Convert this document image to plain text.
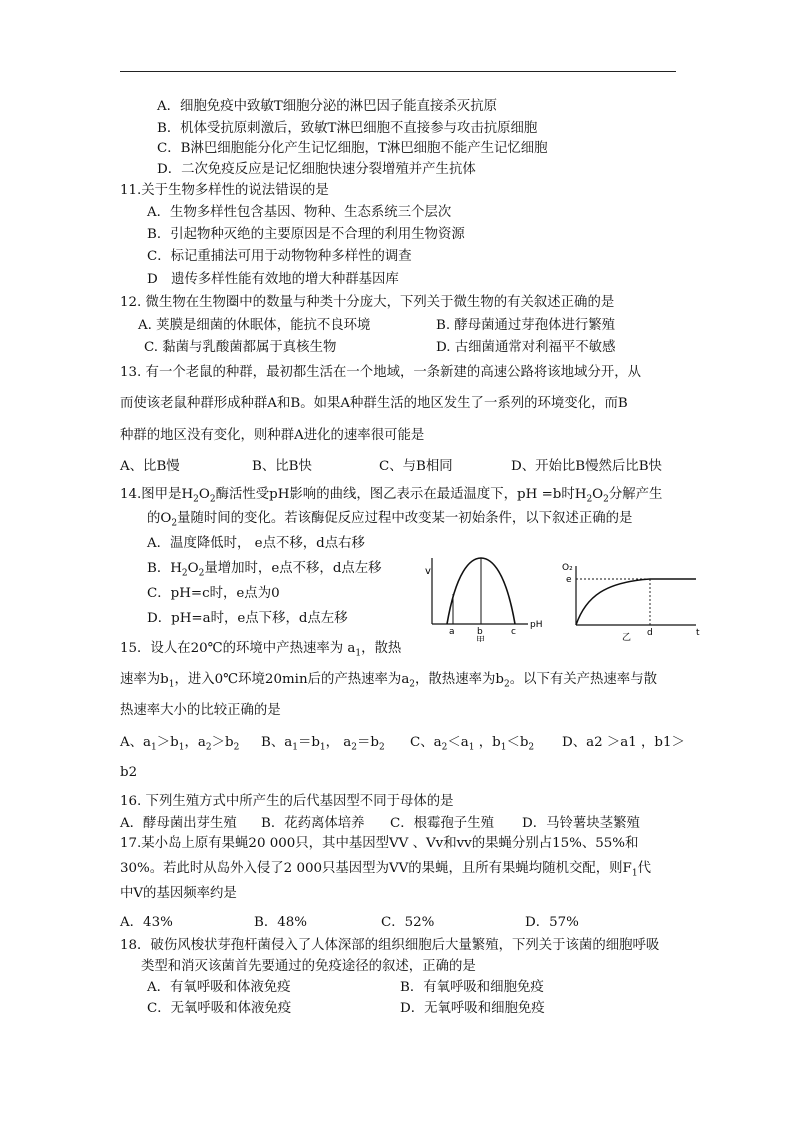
A．细胞免疫中致敏T细胞分泌的淋巴因子能直接杀灭抗原
B．机体受抗原刺激后，致敏T淋巴细胞不直接参与攻击抗原细胞
C．B淋巴细胞能分化产生记忆细胞，T淋巴细胞不能产生记忆细胞
D．二次免疫反应是记忆细胞快速分裂增殖并产生抗体
11.关于生物多样性的说法错误的是
A．生物多样性包含基因、物种、生态系统三个层次
B．引起物种灭绝的主要原因是不合理的利用生物资源
C．标记重捕法可用于动物物种多样性的调查
D　遗传多样性能有效地的增大种群基因库
12. 微生物在生物圈中的数量与种类十分庞大，下列关于微生物的有关叙述正确的是
A. 荚膜是细菌的休眠体，能抗不良环境	B. 酵母菌通过芽孢体进行繁殖
C. 黏菌与乳酸菌都属于真核生物	D. 古细菌通常对利福平不敏感
13. 有一个老鼠的种群，最初都生活在一个地域，一条新建的高速公路将该地域分开，从
而使该老鼠种群形成种群A和B。如果A种群生活的地区发生了一系列的环境变化，而B
种群的地区没有变化，则种群A进化的速率很可能是
A、比B慢	B、比B快	C、与B相同	D、开始比B慢然后比B快
14.图甲是$H_2O_2$酶活性受pH影响的曲线，图乙表示在最适温度下，pH =b时$H_2O_2$分解产生
的$O_2$量随时间的变化。若该酶促反应过程中改变某一初始条件，以下叙述正确的是
A．温度降低时， e点不移，d点右移
B．$H_2O_2$量增加时，e点不移，d点左移
C．pH=c时，e点为0
D．pH=a时，e点下移，d点左移
v
pH
a b	c
甲
O₂
e
d	t
乙
15．设人在20℃的环境中产热速率为 $a_1$，散热
速率为$b_1$，进入0℃环境20min后的产热速率为$a_2$，散热速率为$b_2$。以下有关产热速率与散
热速率大小的比较正确的是
A、$a_1>b_1$，$a_2>b_2$ B、$a_1=b_1$， $a_2=b_2$ C、$a_2<a_1$ ，$b_1<b_2$ D、a2 ＞a1 ，b1＞
b2
16. 下列生殖方式中所产生的后代基因型不同于母体的是
A．酵母菌出芽生殖 B．花药离体培养 C．根霉孢子生殖 D．马铃薯块茎繁殖
17.某小岛上原有果蝇20 000只，其中基因型VV 、Vv和vv的果蝇分别占15%、55%和
30%。若此时从岛外入侵了2 000只基因型为VV的果蝇，且所有果蝇均随机交配，则$F_1$代
中V的基因频率约是
A．43%	B．48%	C．52%	D．57%
18．破伤风梭状芽孢杆菌侵入了人体深部的组织细胞后大量繁殖，下列关于该菌的细胞呼吸
类型和消灭该菌首先要通过的免疫途径的叙述，正确的是
A．有氧呼吸和体液免疫	B．有氧呼吸和细胞免疫
C．无氧呼吸和体液免疫	D．无氧呼吸和细胞免疫
